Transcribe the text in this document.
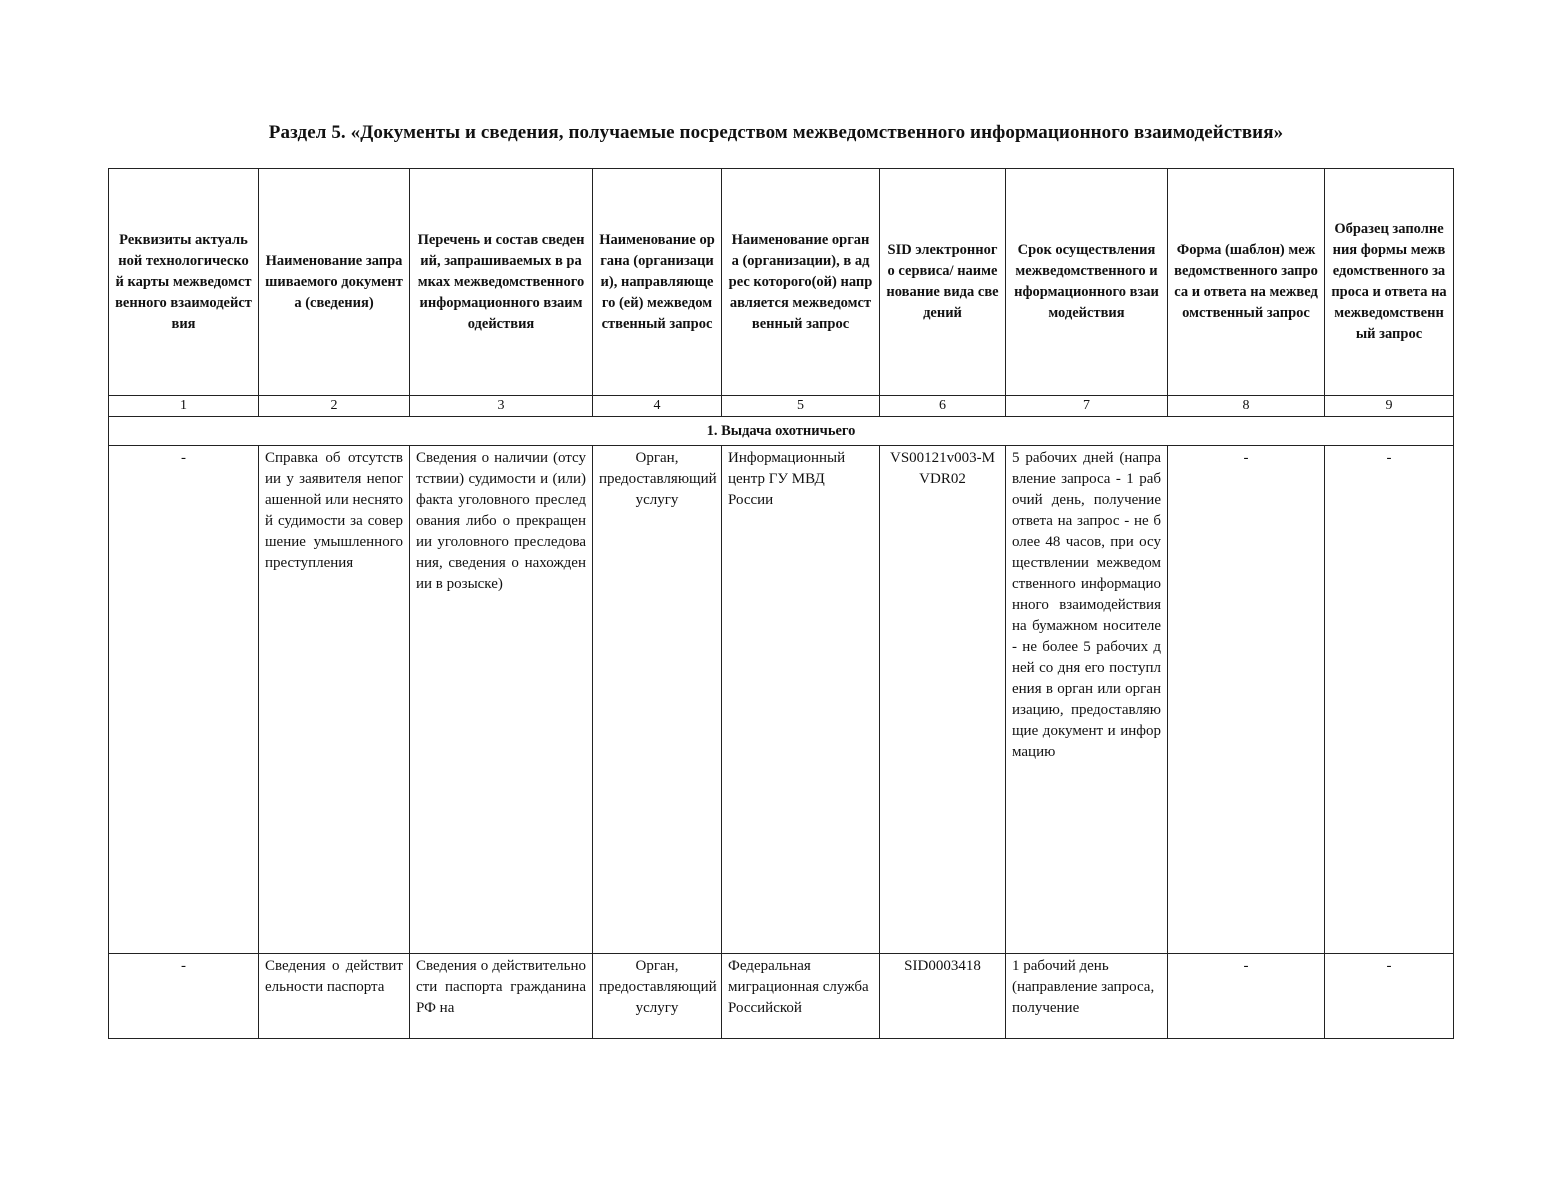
Раздел 5. «Документы и сведения, получаемые посредством межведомственного информационного взаимодействия»
Реквизиты актуальной технологической карты межведомственного взаимодействия	Наименование запрашиваемого документа (сведения)	Перечень и состав сведений, запрашиваемых в рамках межведомственного информационного взаимодействия	Наименование органа (организации), направляющего (ей) межведомственный запрос	Наименование органа (организации), в адрес которого(ой) направляется межведомственный запрос	SID электронного сервиса/ наименование вида сведений	Срок осуществления межведомственного информационного взаимодействия	Форма (шаблон) межведомственного запроса и ответа на межведомственный запрос	Образец заполнения формы межведомственного запроса и ответа на межведомственный запрос
1	2	3	4	5	6	7	8	9
1. Выдача охотничьего								
-	Справка об отсутствии у заявителя непогашенной или неснятой судимости за совершение умышленного преступления	Сведения о наличии (отсутствии) судимости и (или) факта уголовного преследования либо о прекращении уголовного преследования, сведения о нахождении в розыске)	Орган, предоставляющий услугу	Информационный центр ГУ МВД России	VS00121v003-MVDR02	5 рабочих дней (направление запроса - 1 рабочий день, получение ответа на запрос - не более 48 часов, при осуществлении межведомственного информационного взаимодействия на бумажном носителе - не более 5 рабочих дней со дня его поступления в орган или организацию, предоставляющие документ и информацию	-	-
-	Сведения о действительности паспорта	Сведения о действительности паспорта гражданина РФ на	Орган, предоставляющий услугу	Федеральная миграционная служба Российской	SID0003418	1 рабочий день (направление запроса, получение	-	-
